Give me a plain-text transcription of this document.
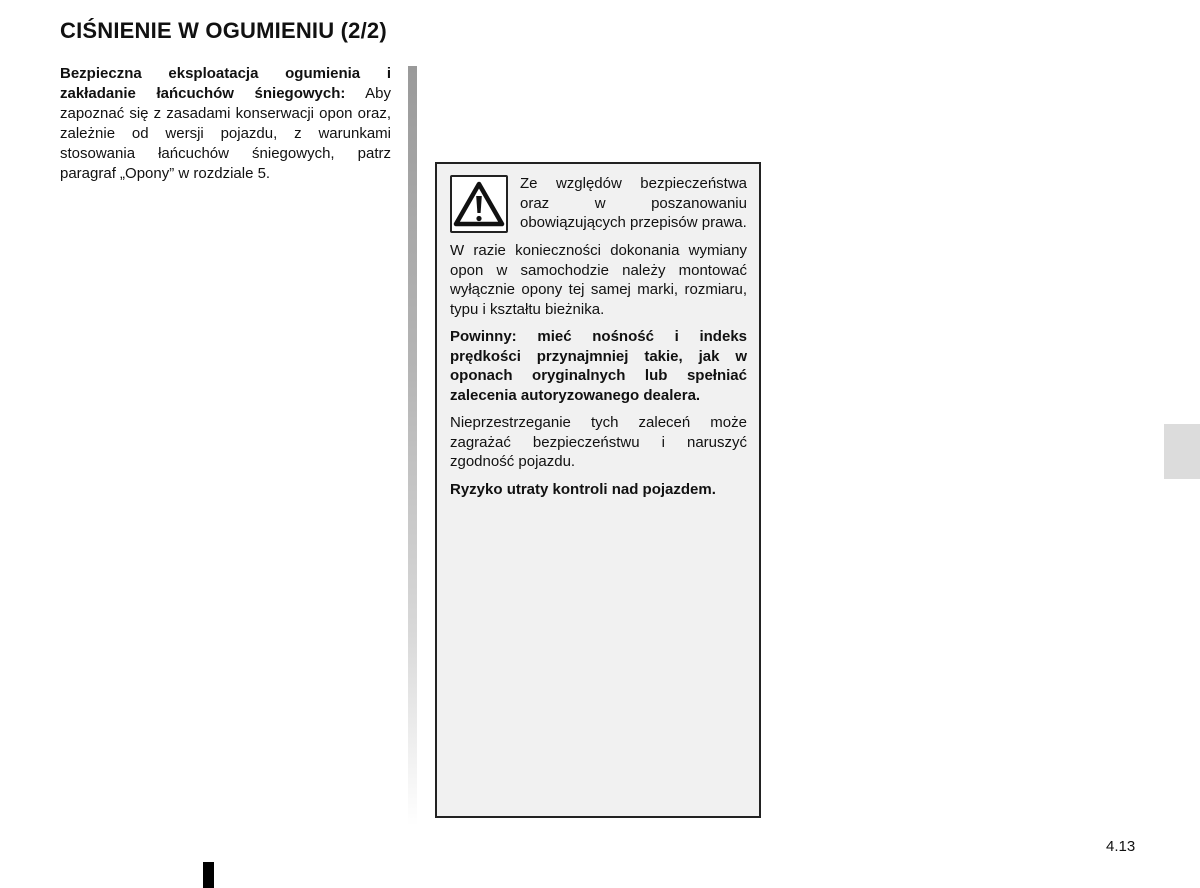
CIŚNIENIE W OGUMIENIU (2/2)

Bezpieczna eksploatacja ogumienia i zakładanie łańcuchów śniegowych: Aby zapoznać się z zasadami konserwacji opon oraz, zależnie od wersji pojazdu, z warunkami stosowania łańcuchów śniegowych, patrz paragraf „Opony” w rozdziale 5.

Ze względów bezpieczeństwa oraz w poszanowaniu obowiązujących przepisów prawa.

W razie konieczności dokonania wymiany opon w samochodzie należy montować wyłącznie opony tej samej marki, rozmiaru, typu i kształtu bieżnika.

Powinny: mieć nośność i indeks prędkości przynajmniej takie, jak w oponach oryginalnych lub spełniać zalecenia autoryzowanego dealera.

Nieprzestrzeganie tych zaleceń może zagrażać bezpieczeństwu i naruszyć zgodność pojazdu.

Ryzyko utraty kontroli nad pojazdem.

4.13
